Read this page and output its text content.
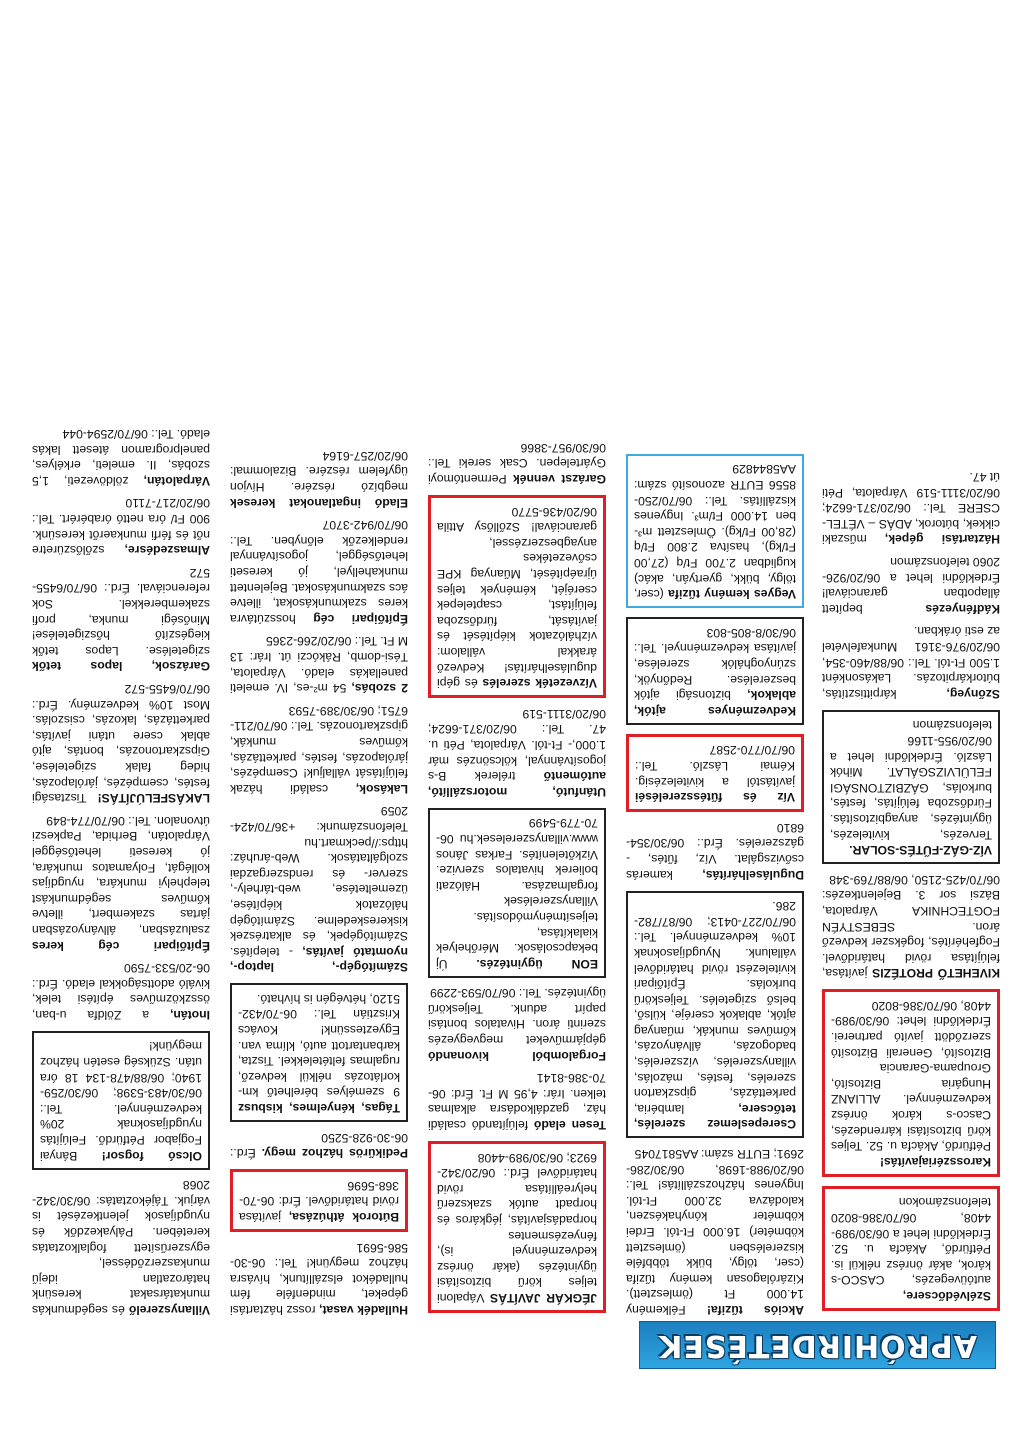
APRÓHIRDETÉSEK
Szélvédőcsere, autóüvegezés, CASCO-s károk, akár önrész nélkül is. Pétfürdő, Akácfa u. 52. Érdeklődni lehet a 06/30/989-4408, 06/70/386-8020 telefonszámokon
Karosszériajavítás! Pétfürdő, Akácfa u. 52. Teljes körű biztosítási kárrendezés, Casco-s károk önrész kedvezménnyel. ALLIANZ Hungária Biztosító, Groupama-Garancia Biztosító, Generali Biztosító szerződött javító partnerei. Érdeklődni lehet: 06/30/989-4408, 06/70/386-8020
KIVEHETŐ PROTÉZIS javítása, felújítása rövid határidővel. Fogfehérítés, fogékszer kedvező áron. SEBESTYÉN FOGTECHNIKA Várpalota, Bázsi sor 3. Bejelentkezés: 06/70/425-2150, 06/88/769-348
VÍZ-GÁZ-FŰTÉS-SOLAR. Tervezés, kivitelezés, ügyintézés, anyagbiztosítás. Fürdőszoba felújítás, festés, burkolás, GÁZBIZTONSÁGI FELÜLVIZSGÁLAT. Mihók László. Érdeklődni lehet a 06/20/955-1166 telefonszámon
Szőnyeg, kárpittisztítás, bútorkárpitozás. Lakásonként 1.500 Ft-tól. Tel.: 06/88/460-354, 06/20/976-3161 Munkafelvétel az esti órákban.
Kádfényezés bepített állapotban garanciával! Érdeklődni lehet a 06/20/926-2060 telefonszámon
Háztartási gépek, műszaki cikkek, bútorok, ADÁS – VÉTEL- CSERE Tel.: 06/20/371-6624; 06/20/3111-519 Várpalota, Péti út 47.
Akciós tűzifa! Félkemény 14.000 Ft (ömlesztett). Kizárólagosan kemény tűzifa (cser, tölgy, bükk többféle kiszerelésben (ömlesztett köbméter) 16.000 Ft-tól. Erdei köbméter kónyhakészen, kalodázva 32.000 Ft-tól. Ingyenes házhozszállítás! Tel.: 06/20/988-1698, 06/30/286-2691; EUTR szám: AA5817045
Cserepeslemez szerelés, tetőcsere, lambéria, parkettázás, gipszkarton szerelés, festés, mázolás, villanyszerelés, vízszerelés, badogozás, állványozás, kőműves munkák, műanyag ajtók, ablakok cseréje, külső, belső szigetelés. Teljeskörű burkolás. Építőipari kivitelezést rövid határidővel vállalunk. Nyugdíjasoknak 10% kedvezménnyel. Tel.: 06/70/227-0413; 06/87/782-286.
Duguláselhárítás, kamerás csővizsgálat. Víz, fűtés, - gázszerelés. Érd.: 06/30/354-6810
Víz és fűtésszereléséi javítástól a kivitelezésig. Kémai László. Tel.: 06/70/770-2587
Kedvezményes ajtók, ablakok, biztonsági ajtók beszerelése. Redőnyök, szúnyoghálók szerelése, javítása kedvezménnyel. Tel.: 06/30/8-805-803
Vegyes kemény tűzifa (cser, tölgy, bükk, gyertyán, akác) kuglidban 2.700 Ft/q (27,00 Ft/kg), hasítva 2.800 Ft/q (28,00 Ft/kg). Ömlesztett m³-ben 14.000 Ft/m³. Ingyenes kiszállítás. Tel.: 06/70/250-8556 EUTR azonosító szám: AA5844829
JÉGKÁR JAVÍTÁS Vápaloni teljes körű biztosítási ügyintézés (akár önrész kedvezménnyel is), fényezésmentes horpadásjavítás, jégkáros és horpadt autók szakszerű helyreállítása rövid határidővel Érd.: 06/20/342-6923; 06/30/989-4408
Tesen eladó felújítandó családi ház, gazdálkodásra alkalmas telken. Irár: 4,95 M Ft. Érd: 06-70-386-8141
Forgalomból kivonandó gépjárműveket megvegyezés szerinti áron. Hivatalos bontási papírt adunk. Teljeskörű ügyintézés. Tel.: 06/70/593-2299
EON ügyintézés. Új bekapcsolások. Mérőhelyek kialakítása, teljesítménymódosítás. Villanyszerelések forgalmazása. Hálózati bolierek hivatalos szervize. Vizkőtelenítés. Farkas János www.villanyszerelesek.hu 06-70-779-5499
Utánfutó, motorszállító, autómentő trélerek B-s jogosítvánnyal, kölcsönzés már 1.000,- Ft-tól. Várpalota, Péti u. 47. Tel.: 06/20/371-6624; 06/20/3111-519
Vízvezeték szerelés és gépi duguláselhárítás! Kedvező árakkal vállalom: vízhálózatok kiépítését és javítását, fürdőszoba felújítást, csaptelepek cseréjét, kémények teljes újraépítését, Műanyag KPE csővezetékes anyagbeszerzéssel, garanciával! Szőllősy Attila 06/20/436-5770
Garázst vennék Permentómoyi Gyártelepen. Csak sereki Tel.: 06/30/957-3866
Hulladék vasat, rossz háztartási gépeket, mindenféle fém hulladékot elszállítunk, hívásra házhoz megyünk! Tel.: 06-30-586-5691
Bútorok áthúzása, javítása rövid határidővel. Érd: 06-70-368-5696
Pedikűrös házhoz megy. Érd.: 06-30-928-5250
Tágas, kényelmes, kisbusz 9 személyes bérelhető km-korlátozás nélkül kedvező, rugalmas feltételekkel. Tiszta, karbantartott autó, klíma van. Egyeztessünk! Kovács Krisztián Tel.: 06-70/432-5120, hétvégén is hívható.
Számítógép-, laptop-, nyomtató javítás, - telepítés. Számítógépek, és alkatrészek kiskereskedelme. Számítógép hálózatok kiépítése, üzemeltetése, web-tárhely-, szerver- és rendszergazdai szolgáltatások. Web-áruház: https://peckmart.hu Telefonszámunk: +36/70/424-2059
Lakások, családi házak felújítását vállaljuk! Csempézés, járólapozás, festés, parkettázás, kőműves munkák, gipszkartonozás. Tel.: 06/70/211-6751; 06/30/389-7593
2 szobás, 54 m²-es, IV. emeleti panellakás eladó. Várpalota, Tési-domb, Rákóczi út. Irár: 13 M Ft. Tel.: 06/20/266-2365
Építőipari cég hosszútávra keres szakmunkásokat, illetve ács szakmunkásokat. Bejelentett munkahellyel, jó kereseti lehetőséggel, jogosítvánnyal rendelkezők előnyben. Tel.: 06/70/942-3707
Eladó ingatlanokat keresek megbízó részére. Hívjon ügyfelem részére. Bizalommal: 06/20/257-6164
Villanyszerelő és segédmunkás munkatársakat keresünk határozatlan idejű munkaszerződéssel, egyszerűsített foglalkoztatás keretében. Pályakezdők és nyugdíjasok jelentkezését is várjuk. Tájékoztatás: 06/30/342-2068
Olcsó fogsor! Bányai Fogjabor Pétfürdő. Felújítás nyugdíjasoknak 20% kedvezménnyel. Tel.: 06/30/483-5398; 06/30/259-1940; 06/88/478-134 18 óra után. Szükség esetén házhoz megyünk!
Inotán, a Zöldfa u-ban, összközműves építési telek, kiváló adottságokkal eladó. Érd.: 06-20/533-7590
Építőipari cég keres zsaluzásban, állványozásban jártas szakembert, illetve kőműves segédmunkást telephelyi munkára, nyugdíjas kollégát, Folyamatos munkára, jó kereseti lehetőséggel Várpalotán, Berhida, Papkeszi útvonalon. Tel.: 06/70/774-849
LAKÁSFELÚJÍTÁS! Tisztasági festés, csempézés, járólapozás, hideg falak szigetelése, Gipszkartonozás, bontás, ajtó ablak csere utáni javítás, parkettázás, lakozás, csiszolás. Most 10% kedvezmény. Érd.: 06/70/6455-572
Garázsok, lapos tetők szigetelése. Lapos tetők kiegészítő hőszigetelése! Minőségi munka, profi szakemberekkel. Sok referenciával. Érd.: 06/70/6455-572
Almaszedésre, szőlőszüretre nőt és férfi munkaerőt keresünk. 900 Ft/ óra nettó órabérért. Tel.: 06/20/217-7110
Várpalotán, zöldövezeti, 1,5 szobás, II. emeleti, erkélyes, panelprogramon átesett lakás eladó. Tel.: 06/70/2594-044
